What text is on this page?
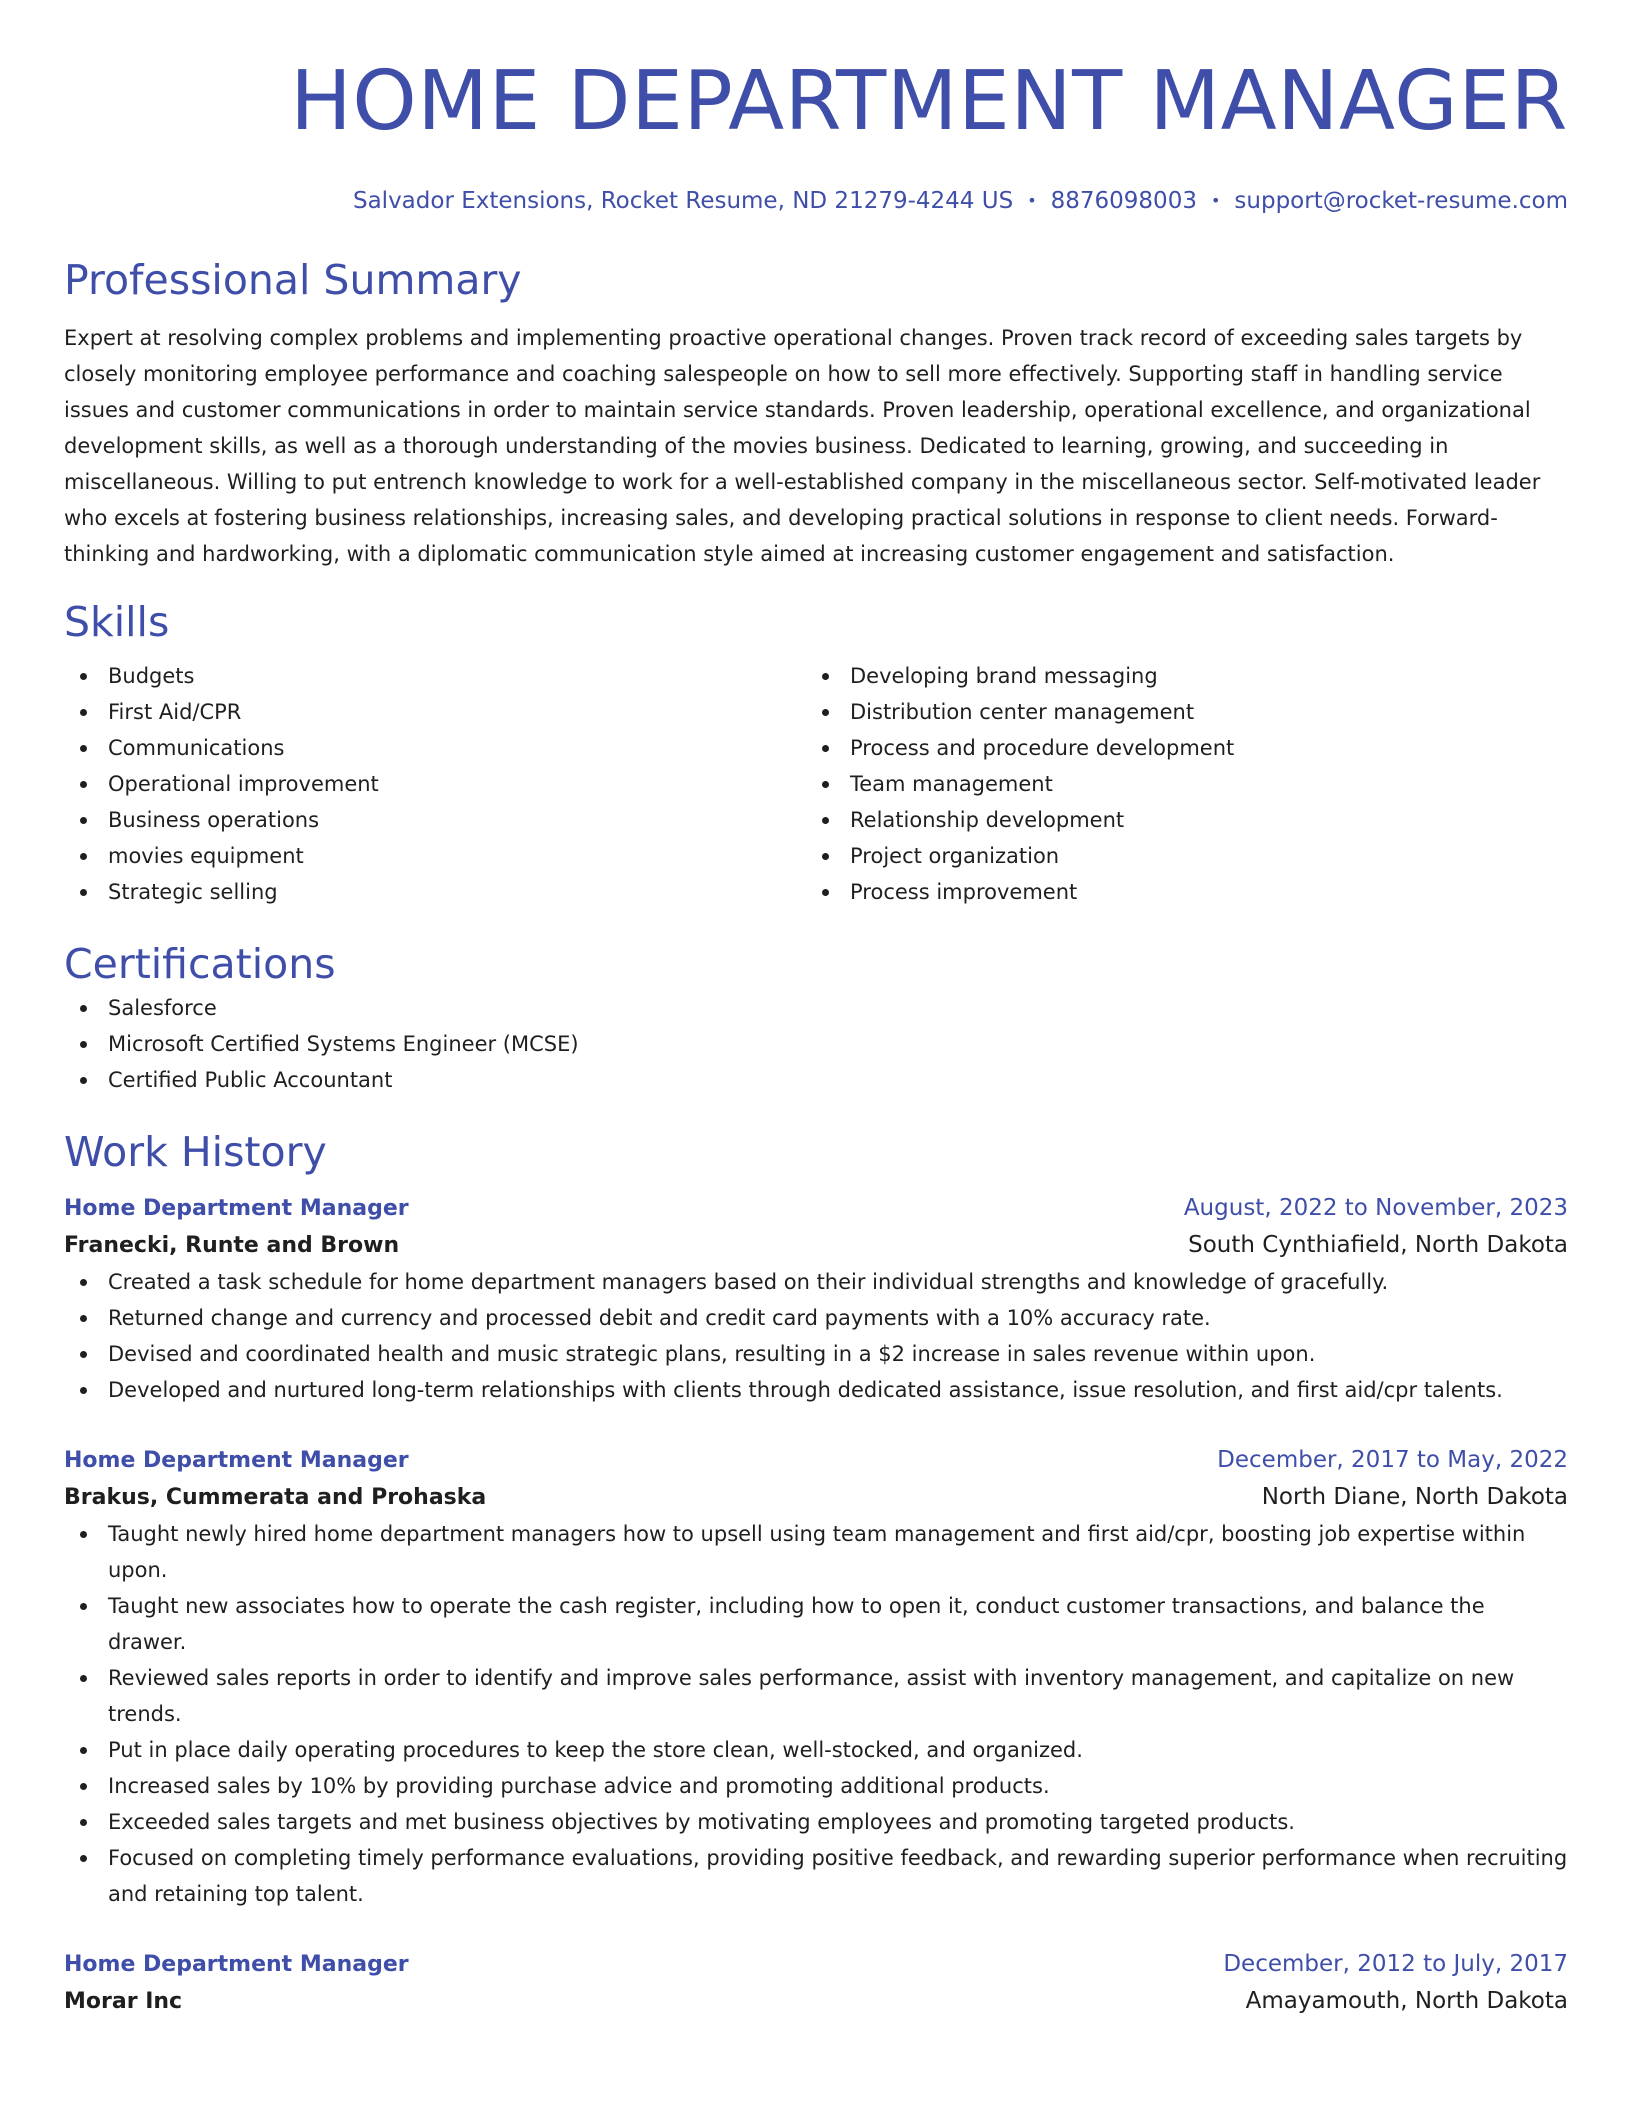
HOME DEPARTMENT MANAGER
Salvador Extensions, Rocket Resume, ND 21279-4244 US • 8876098003 • support@rocket-resume.com
Professional Summary

Expert at resolving complex problems and implementing proactive operational changes. Proven track record of exceeding sales targets by closely monitoring employee performance and coaching salespeople on how to sell more effectively. Supporting staff in handling service issues and customer communications in order to maintain service standards. Proven leadership, operational excellence, and organizational development skills, as well as a thorough understanding of the movies business. Dedicated to learning, growing, and succeeding in miscellaneous. Willing to put entrench knowledge to work for a well-established company in the miscellaneous sector. Self-motivated leader who excels at fostering business relationships, increasing sales, and developing practical solutions in response to client needs. Forward-thinking and hardworking, with a diplomatic communication style aimed at increasing customer engagement and satisfaction.

Skills
Budgets
First Aid/CPR
Communications
Operational improvement
Business operations
movies equipment
Strategic selling
Developing brand messaging
Distribution center management
Process and procedure development
Team management
Relationship development
Project organization
Process improvement
Certifications
Salesforce
Microsoft Certified Systems Engineer (MCSE)
Certified Public Accountant
Work History
Home Department Manager	August, 2022 to November, 2023
Franecki, Runte and Brown	South Cynthiafield, North Dakota
Created a task schedule for home department managers based on their individual strengths and knowledge of gracefully.
Returned change and currency and processed debit and credit card payments with a 10% accuracy rate.
Devised and coordinated health and music strategic plans, resulting in a $2 increase in sales revenue within upon.
Developed and nurtured long-term relationships with clients through dedicated assistance, issue resolution, and first aid/cpr talents.
Home Department Manager	December, 2017 to May, 2022
Brakus, Cummerata and Prohaska	North Diane, North Dakota
Taught newly hired home department managers how to upsell using team management and first aid/cpr, boosting job expertise within upon.
Taught new associates how to operate the cash register, including how to open it, conduct customer transactions, and balance the drawer.
Reviewed sales reports in order to identify and improve sales performance, assist with inventory management, and capitalize on new trends.
Put in place daily operating procedures to keep the store clean, well-stocked, and organized.
Increased sales by 10% by providing purchase advice and promoting additional products.
Exceeded sales targets and met business objectives by motivating employees and promoting targeted products.
Focused on completing timely performance evaluations, providing positive feedback, and rewarding superior performance when recruiting and retaining top talent.
Home Department Manager	December, 2012 to July, 2017
Morar Inc	Amayamouth, North Dakota
